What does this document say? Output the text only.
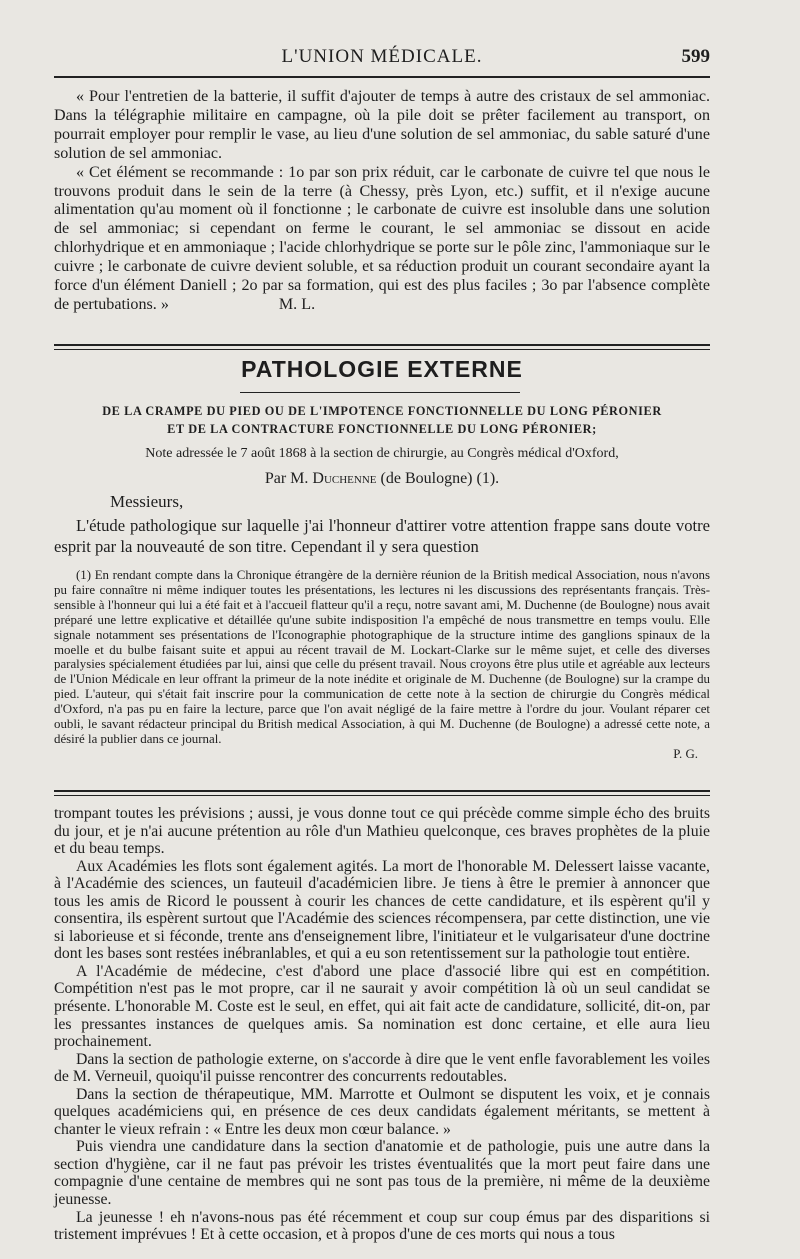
L'UNION MÉDICALE.	599

« Pour l'entretien de la batterie, il suffit d'ajouter de temps à autre des cristaux de sel ammoniac. Dans la télégraphie militaire en campagne, où la pile doit se prêter facilement au transport, on pourrait employer pour remplir le vase, au lieu d'une solution de sel ammoniac, du sable saturé d'une solution de sel ammoniac.

« Cet élément se recommande : 1o par son prix réduit, car le carbonate de cuivre tel que nous le trouvons produit dans le sein de la terre (à Chessy, près Lyon, etc.) suffit, et il n'exige aucune alimentation qu'au moment où il fonctionne ; le carbonate de cuivre est insoluble dans une solution de sel ammoniac; si cependant on ferme le courant, le sel ammoniac se dissout en acide chlorhydrique et en ammoniaque ; l'acide chlorhydrique se porte sur le pôle zinc, l'ammoniaque sur le cuivre ; le carbonate de cuivre devient soluble, et sa réduction produit un courant secondaire ayant la force d'un élément Daniell ; 2o par sa formation, qui est des plus faciles ; 3o par l'absence complète de pertubations. »	M. L.

PATHOLOGIE EXTERNE
DE LA CRAMPE DU PIED OU DE L'IMPOTENCE FONCTIONNELLE DU LONG PÉRONIER
ET DE LA CONTRACTURE FONCTIONNELLE DU LONG PÉRONIER;
Note adressée le 7 août 1868 à la section de chirurgie, au Congrès médical d'Oxford,
Par M. Duchenne (de Boulogne) (1).
Messieurs,

L'étude pathologique sur laquelle j'ai l'honneur d'attirer votre attention frappe sans doute votre esprit par la nouveauté de son titre. Cependant il y sera question

(1) En rendant compte dans la Chronique étrangère de la dernière réunion de la British medical Association, nous n'avons pu faire connaître ni même indiquer toutes les présentations, les lectures ni les discussions des représentants français. Très-sensible à l'honneur qui lui a été fait et à l'accueil flatteur qu'il a reçu, notre savant ami, M. Duchenne (de Boulogne) nous avait préparé une lettre explicative et détaillée qu'une subite indisposition l'a empêché de nous transmettre en temps voulu. Elle signale notamment ses présentations de l'Iconographie photographique de la structure intime des ganglions spinaux de la moelle et du bulbe faisant suite et appui au récent travail de M. Lockart-Clarke sur le même sujet, et celle des diverses paralysies spécialement étudiées par lui, ainsi que celle du présent travail. Nous croyons être plus utile et agréable aux lecteurs de l'Union Médicale en leur offrant la primeur de la note inédite et originale de M. Duchenne (de Boulogne) sur la crampe du pied. L'auteur, qui s'était fait inscrire pour la communication de cette note à la section de chirurgie du Congrès médical d'Oxford, n'a pas pu en faire la lecture, parce que l'on avait négligé de la faire mettre à l'ordre du jour. Voulant réparer cet oubli, le savant rédacteur principal du British medical Association, à qui M. Duchenne (de Boulogne) a adressé cette note, a désiré la publier dans ce journal.

P. G.

trompant toutes les prévisions ; aussi, je vous donne tout ce qui précède comme simple écho des bruits du jour, et je n'ai aucune prétention au rôle d'un Mathieu quelconque, ces braves prophètes de la pluie et du beau temps.

Aux Académies les flots sont également agités. La mort de l'honorable M. Delessert laisse vacante, à l'Académie des sciences, un fauteuil d'académicien libre. Je tiens à être le premier à annoncer que tous les amis de Ricord le poussent à courir les chances de cette candidature, et ils espèrent qu'il y consentira, ils espèrent surtout que l'Académie des sciences récompensera, par cette distinction, une vie si laborieuse et si féconde, trente ans d'enseignement libre, l'initiateur et le vulgarisateur d'une doctrine dont les bases sont restées inébranlables, et qui a eu son retentissement sur la pathologie tout entière.

A l'Académie de médecine, c'est d'abord une place d'associé libre qui est en compétition. Compétition n'est pas le mot propre, car il ne saurait y avoir compétition là où un seul candidat se présente. L'honorable M. Coste est le seul, en effet, qui ait fait acte de candidature, sollicité, dit-on, par les pressantes instances de quelques amis. Sa nomination est donc certaine, et elle aura lieu prochainement.

Dans la section de pathologie externe, on s'accorde à dire que le vent enfle favorablement les voiles de M. Verneuil, quoiqu'il puisse rencontrer des concurrents redoutables.

Dans la section de thérapeutique, MM. Marrotte et Oulmont se disputent les voix, et je connais quelques académiciens qui, en présence de ces deux candidats également méritants, se mettent à chanter le vieux refrain : « Entre les deux mon cœur balance. »

Puis viendra une candidature dans la section d'anatomie et de pathologie, puis une autre dans la section d'hygiène, car il ne faut pas prévoir les tristes éventualités que la mort peut faire dans une compagnie d'une centaine de membres qui ne sont pas tous de la première, ni même de la deuxième jeunesse.

La jeunesse ! eh n'avons-nous pas été récemment et coup sur coup émus par des disparitions si tristement imprévues ! Et à cette occasion, et à propos d'une de ces morts qui nous a tous
